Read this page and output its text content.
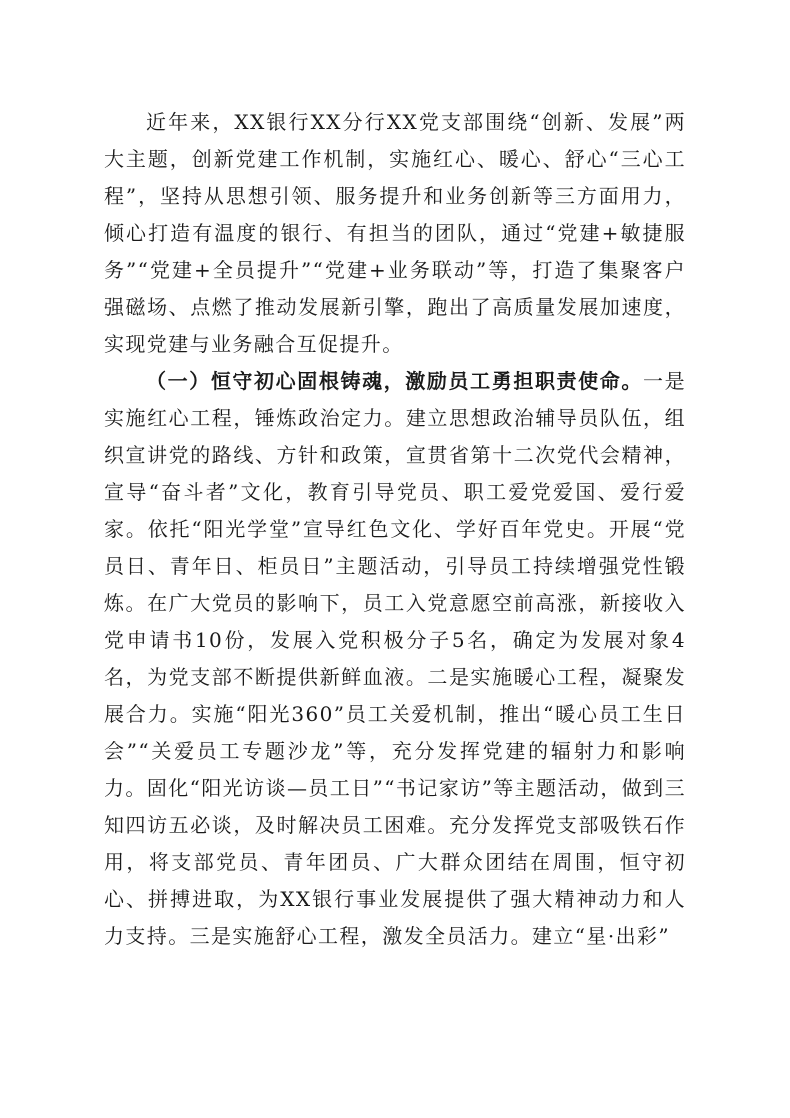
近年来，XX银行XX分行XX党支部围绕“创新、发展”两大主题，创新党建工作机制，实施红心、暖心、舒心“三心工程”，坚持从思想引领、服务提升和业务创新等三方面用力，倾心打造有温度的银行、有担当的团队，通过“党建+敏捷服务”“党建+全员提升”“党建+业务联动”等，打造了集聚客户强磁场、点燃了推动发展新引擎，跑出了高质量发展加速度，实现党建与业务融合互促提升。

（一）恒守初心固根铸魂，激励员工勇担职责使命。一是实施红心工程，锤炼政治定力。建立思想政治辅导员队伍，组织宣讲党的路线、方针和政策，宣贯省第十二次党代会精神，宣导“奋斗者”文化，教育引导党员、职工爱党爱国、爱行爱家。依托“阳光学堂”宣导红色文化、学好百年党史。开展“党员日、青年日、柜员日”主题活动，引导员工持续增强党性锻炼。在广大党员的影响下，员工入党意愿空前高涨，新接收入党申请书10份，发展入党积极分子5名，确定为发展对象4名，为党支部不断提供新鲜血液。二是实施暖心工程，凝聚发展合力。实施“阳光360”员工关爱机制，推出“暖心员工生日会”“关爱员工专题沙龙”等，充分发挥党建的辐射力和影响力。固化“阳光访谈—员工日”“书记家访”等主题活动，做到三知四访五必谈，及时解决员工困难。充分发挥党支部吸铁石作用，将支部党员、青年团员、广大群众团结在周围，恒守初心、拼搏进取，为XX银行事业发展提供了强大精神动力和人力支持。三是实施舒心工程，激发全员活力。建立“星·出彩”
